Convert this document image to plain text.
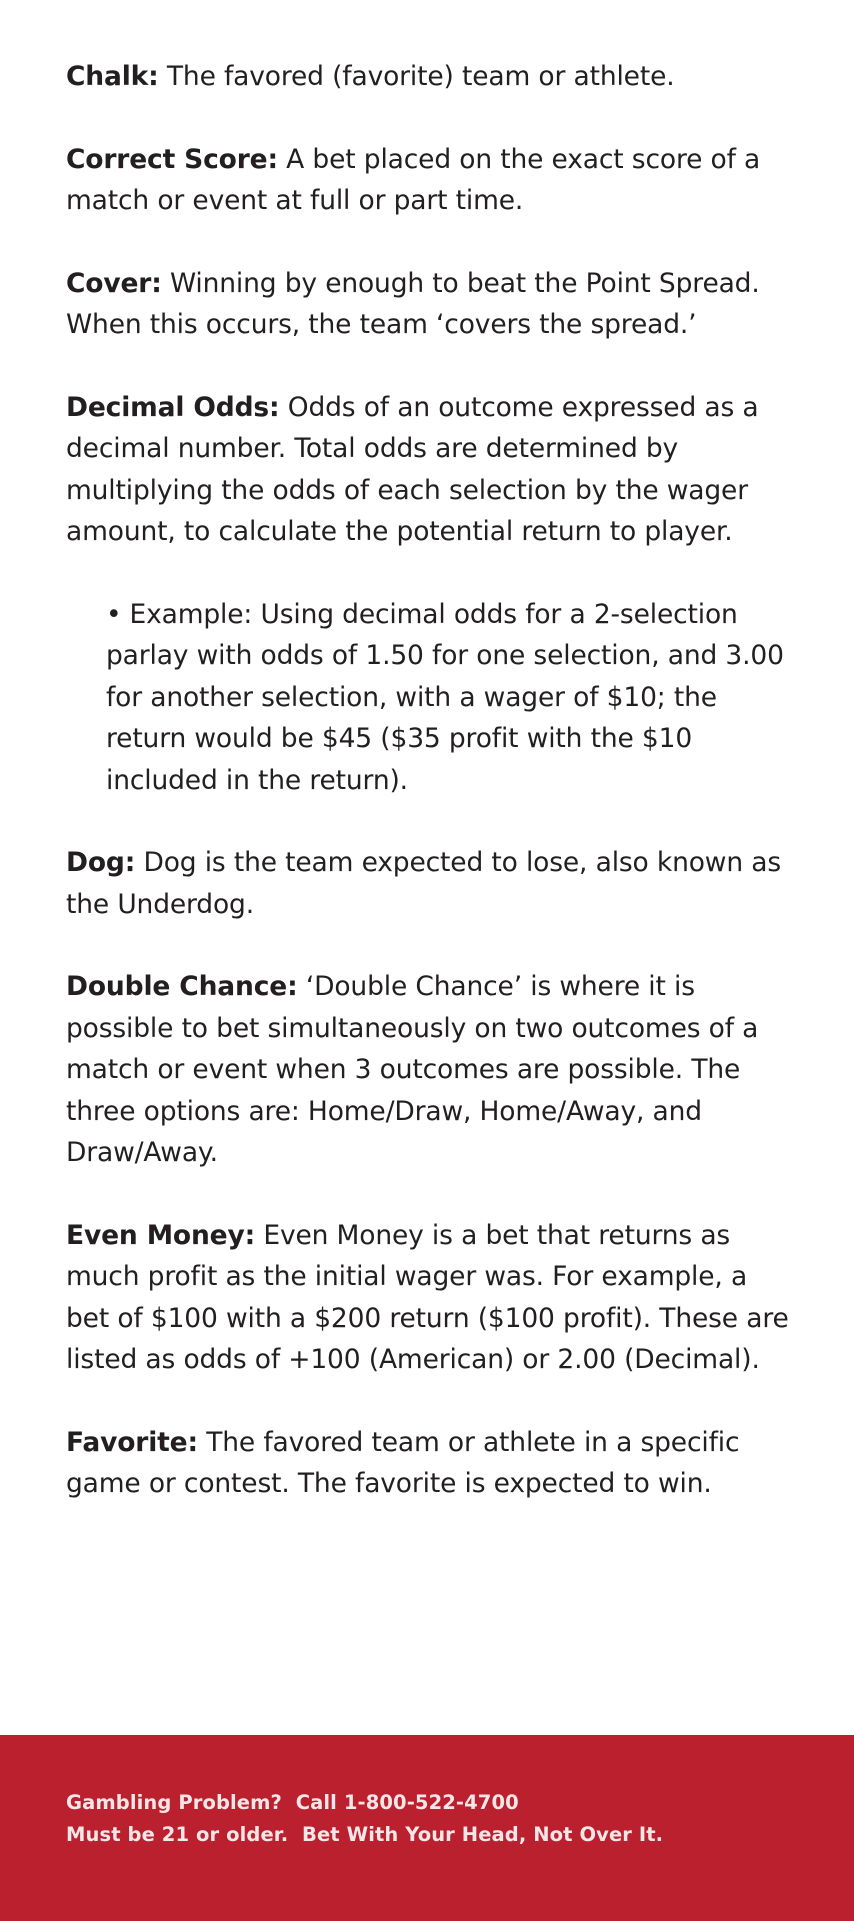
Chalk: The favored (favorite) team or athlete.

Correct Score: A bet placed on the exact score of a match or event at full or part time.

Cover: Winning by enough to beat the Point Spread. When this occurs, the team ‘covers the spread.’

Decimal Odds: Odds of an outcome expressed as a decimal number. Total odds are determined by multiplying the odds of each selection by the wager amount, to calculate the potential return to player.

• Example: Using decimal odds for a 2-selection parlay with odds of 1.50 for one selection, and 3.00 for another selection, with a wager of $10; the return would be $45 ($35 profit with the $10 included in the return).

Dog: Dog is the team expected to lose, also known as the Underdog.

Double Chance: ‘Double Chance’ is where it is possible to bet simultaneously on two outcomes of a match or event when 3 outcomes are possible. The three options are: Home/Draw, Home/Away, and Draw/Away.

Even Money: Even Money is a bet that returns as much profit as the initial wager was. For example, a bet of $100 with a $200 return ($100 profit). These are listed as odds of +100 (American) or 2.00 (Decimal).

Favorite: The favored team or athlete in a specific game or contest. The favorite is expected to win.

Gambling Problem?  Call 1-800-522-4700
Must be 21 or older.  Bet With Your Head, Not Over It.
